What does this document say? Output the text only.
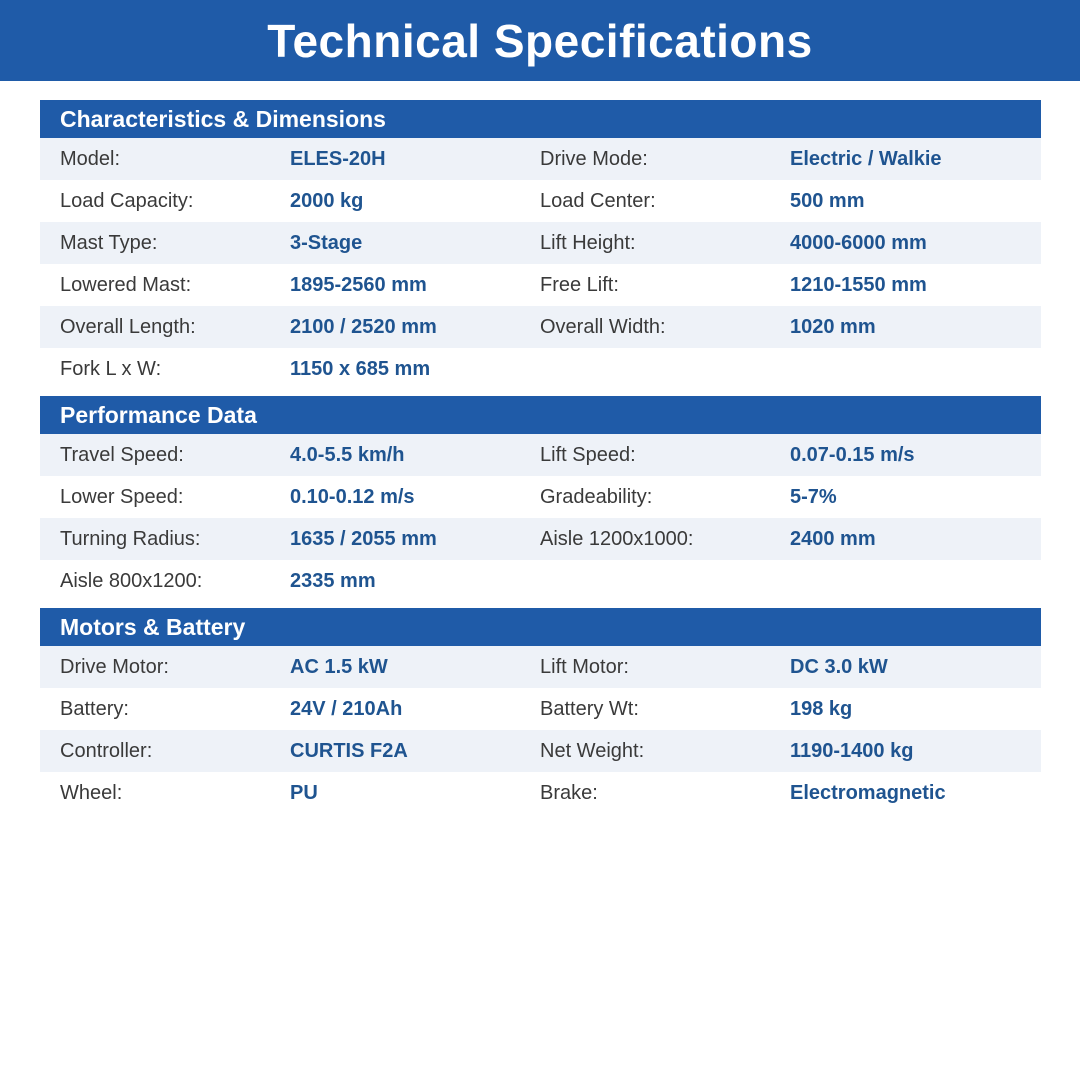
Technical Specifications
Characteristics & Dimensions
Model:	ELES-20H	Drive Mode:	Electric / Walkie
Load Capacity:	2000 kg	Load Center:	500 mm
Mast Type:	3-Stage	Lift Height:	4000-6000 mm
Lowered Mast:	1895-2560 mm	Free Lift:	1210-1550 mm
Overall Length:	2100 / 2520 mm	Overall Width:	1020 mm
Fork L x W:	1150 x 685 mm
Performance Data
Travel Speed:	4.0-5.5 km/h	Lift Speed:	0.07-0.15 m/s
Lower Speed:	0.10-0.12 m/s	Gradeability:	5-7%
Turning Radius:	1635 / 2055 mm	Aisle 1200x1000:	2400 mm
Aisle 800x1200:	2335 mm
Motors & Battery
Drive Motor:	AC 1.5 kW	Lift Motor:	DC 3.0 kW
Battery:	24V / 210Ah	Battery Wt:	198 kg
Controller:	CURTIS F2A	Net Weight:	1190-1400 kg
Wheel:	PU	Brake:	Electromagnetic
